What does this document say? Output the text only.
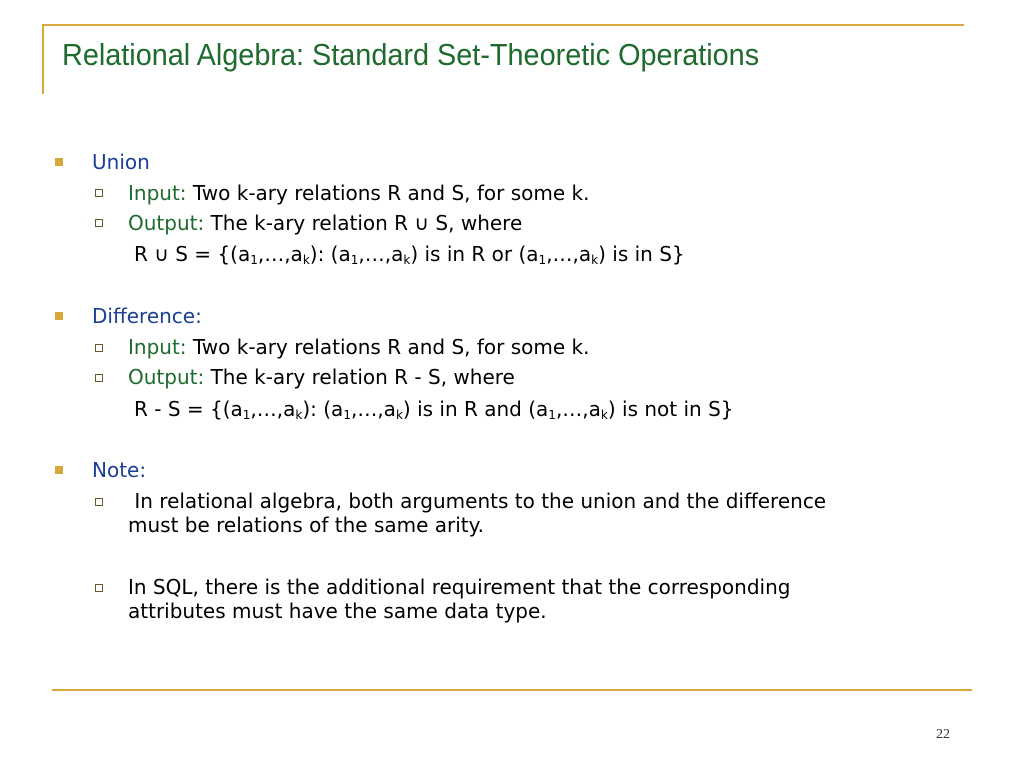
Relational Algebra: Standard Set-Theoretic Operations
Union
Input: Two k-ary relations R and S, for some k.
Output: The k-ary relation R ∪ S, where
R ∪ $S = \{(a_1,\dots,a_k)$: $(a_1,\dots,a_k)$ is in R or $(a_1,\dots,a_k)$ is in S}
Difference:
Input: Two k-ary relations R and S, for some k.
Output: The k-ary relation R - S, where
$R - S = \{(a_1,\dots,a_k)$: $(a_1,\dots,a_k)$ is in R and $(a_1,\dots,a_k)$ is not in S}
Note:
In relational algebra, both arguments to the union and the difference
must be relations of the same arity.
In SQL, there is the additional requirement that the corresponding
attributes must have the same data type.
22
